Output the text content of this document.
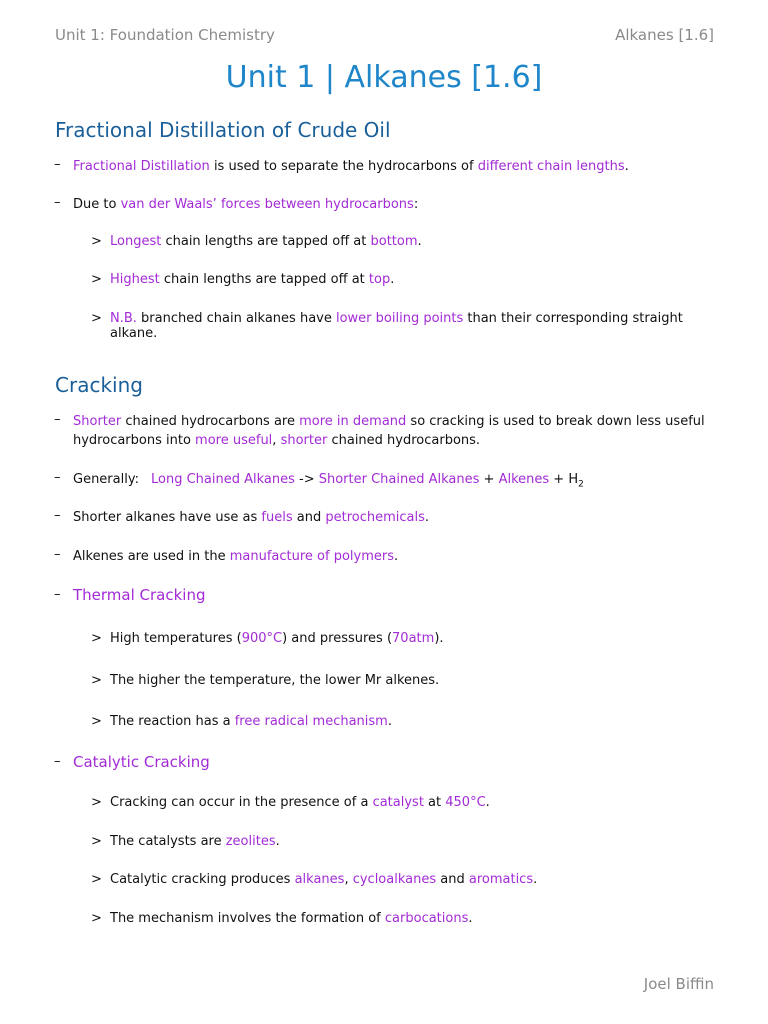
Unit 1: Foundation Chemistry	Alkanes [1.6]
Unit 1 | Alkanes [1.6]
Fractional Distillation of Crude Oil
– Fractional Distillation is used to separate the hydrocarbons of different chain lengths.
– Due to van der Waals’ forces between hydrocarbons:
> Longest chain lengths are tapped off at bottom.
> Highest chain lengths are tapped off at top.
> N.B. branched chain alkanes have lower boiling points than their corresponding straight alkane.
Cracking
– Shorter chained hydrocarbons are more in demand so cracking is used to break down less useful hydrocarbons into more useful, shorter chained hydrocarbons.
– Generally: Long Chained Alkanes -> Shorter Chained Alkanes + Alkenes + $H_2$
– Shorter alkanes have use as fuels and petrochemicals.
– Alkenes are used in the manufacture of polymers.
– Thermal Cracking
> High temperatures (900°C) and pressures (70atm).
> The higher the temperature, the lower Mr alkenes.
> The reaction has a free radical mechanism.
– Catalytic Cracking
> Cracking can occur in the presence of a catalyst at 450°C.
> The catalysts are zeolites.
> Catalytic cracking produces alkanes, cycloalkanes and aromatics.
> The mechanism involves the formation of carbocations.
Joel Biffin
